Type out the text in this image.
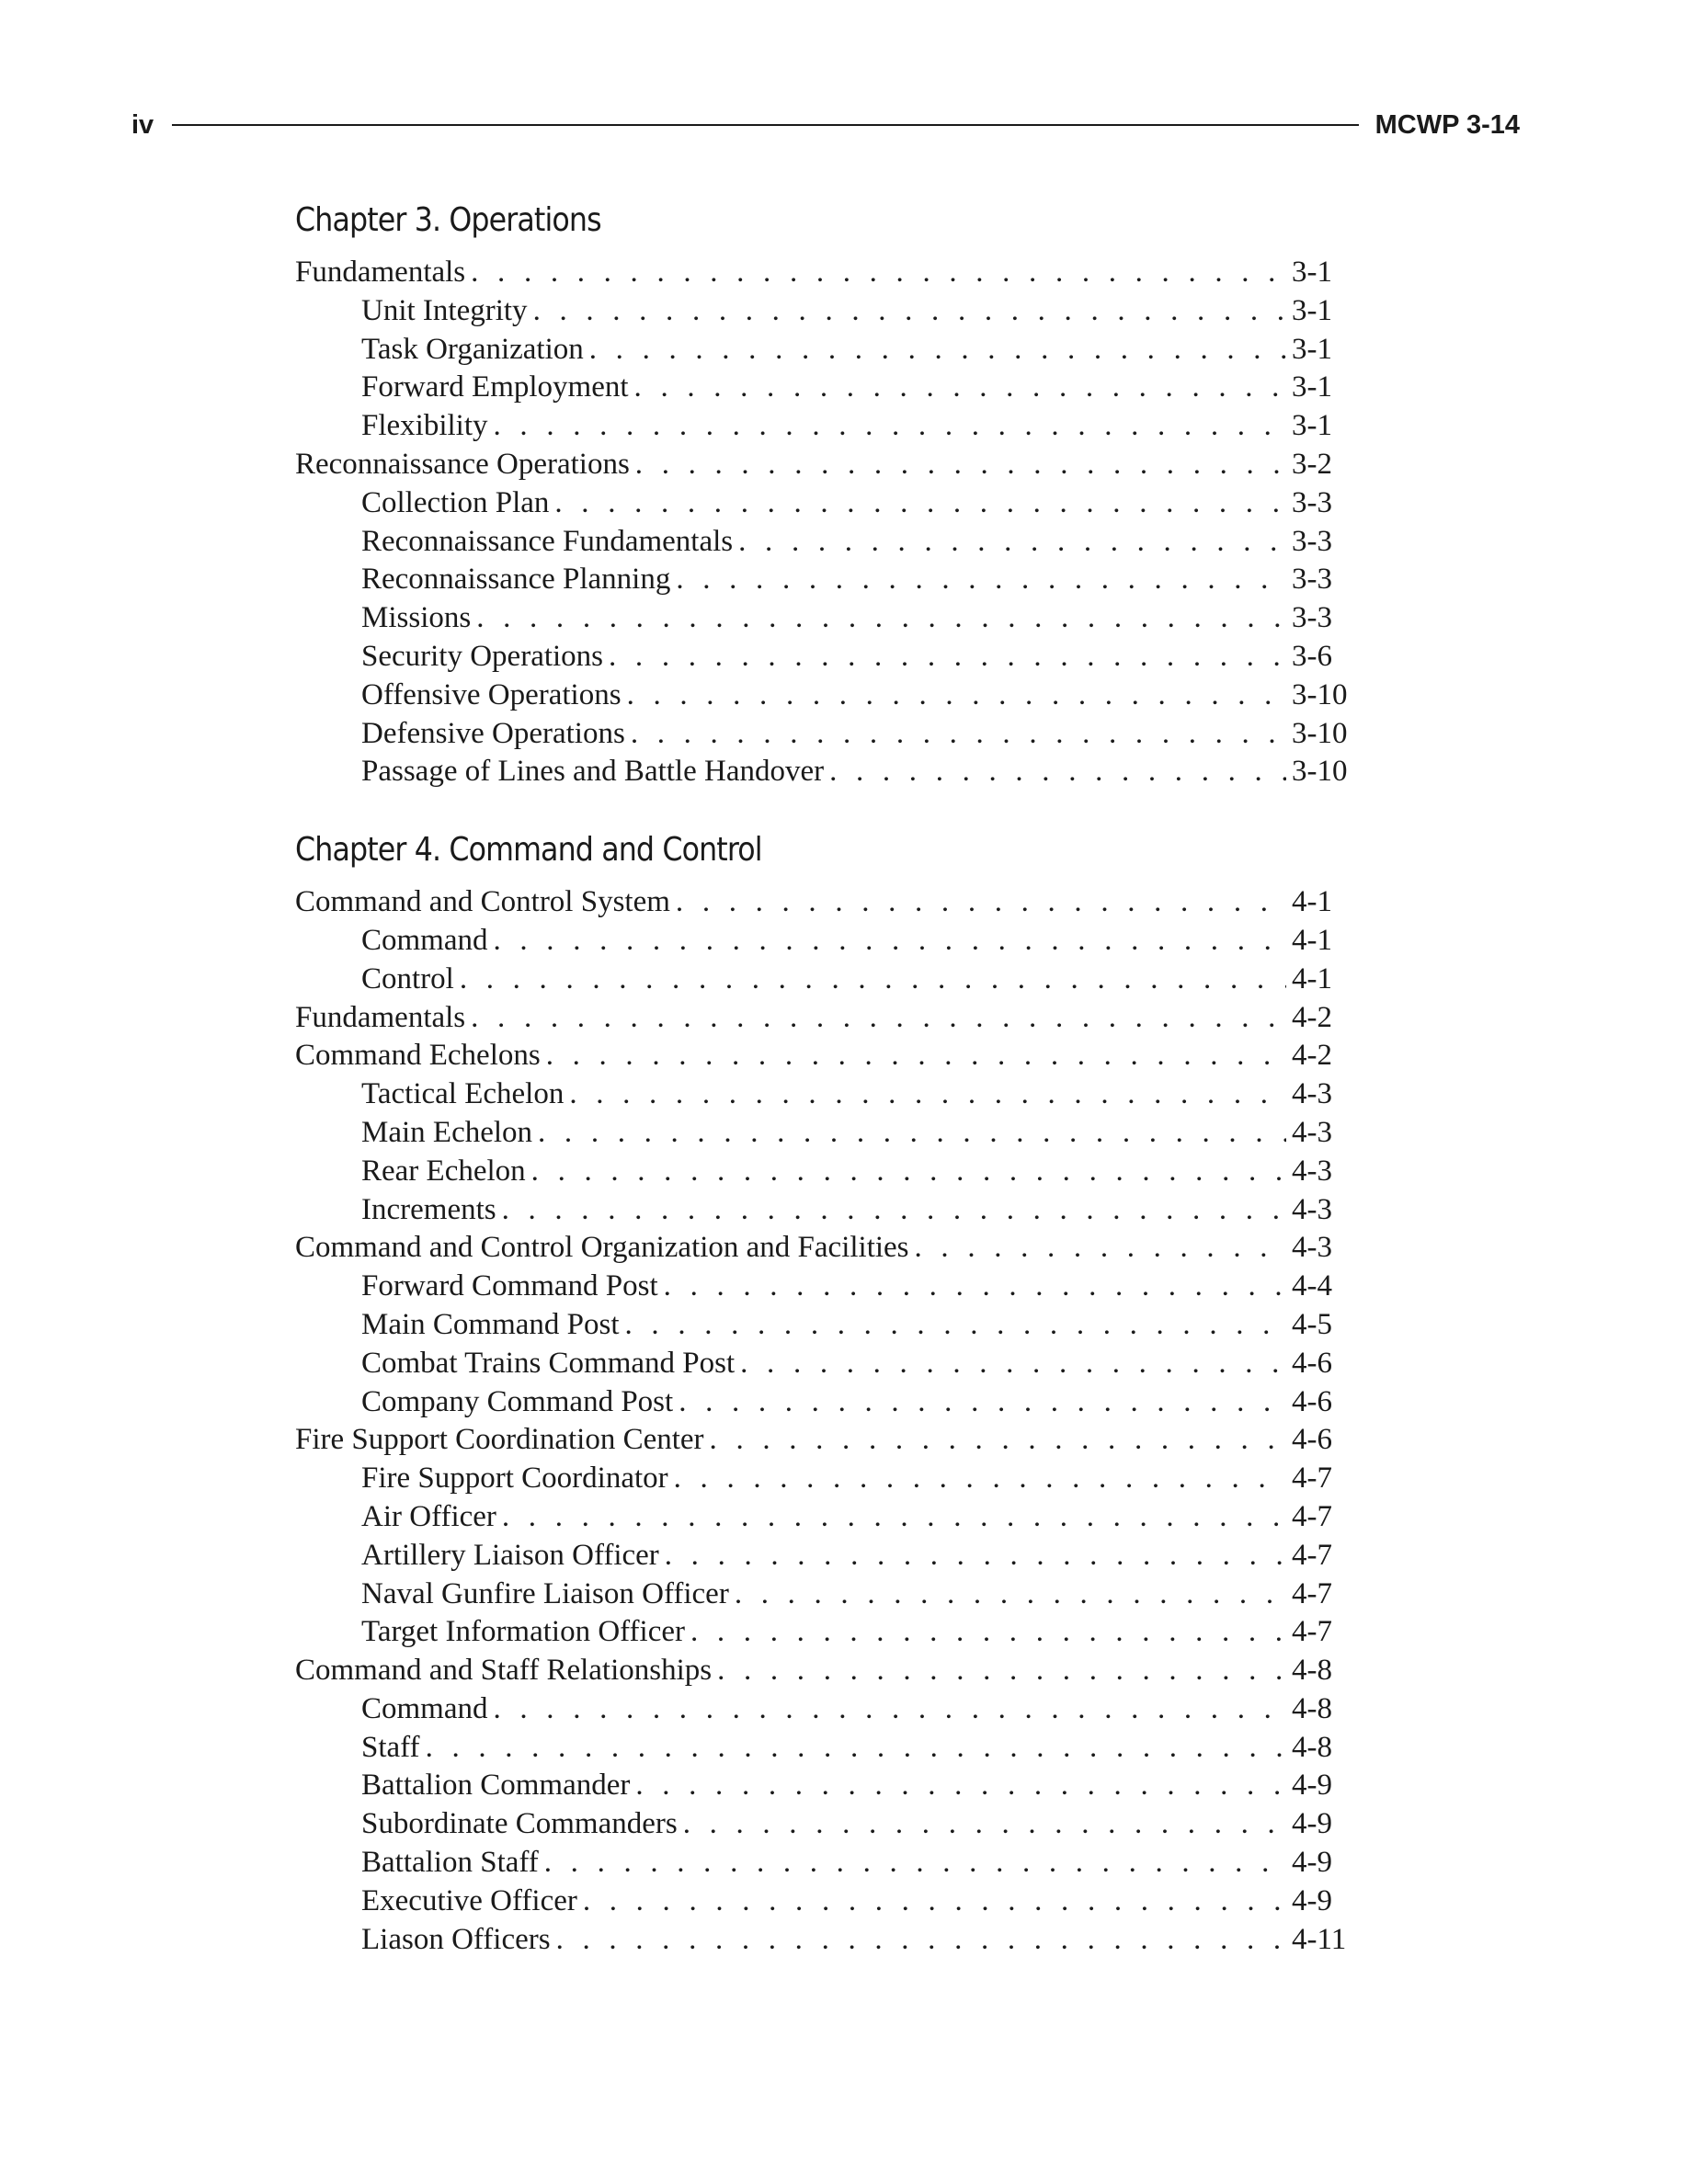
iv	MCWP 3-14
Chapter 3. Operations
Fundamentals . . .	3-1
Unit Integrity . . .	3-1
Task Organization . . .	3-1
Forward Employment . . .	3-1
Flexibility . . .	3-1
Reconnaissance Operations . . .	3-2
Collection Plan . . .	3-3
Reconnaissance Fundamentals . . .	3-3
Reconnaissance Planning . . .	3-3
Missions . . .	3-3
Security Operations . . .	3-6
Offensive Operations . . .	3-10
Defensive Operations . . .	3-10
Passage of Lines and Battle Handover . . .	3-10
Chapter 4. Command and Control
Command and Control System . . .	4-1
Command . . .	4-1
Control . . .	4-1
Fundamentals . . .	4-2
Command Echelons . . .	4-2
Tactical Echelon . . .	4-3
Main Echelon . . .	4-3
Rear Echelon . . .	4-3
Increments . . .	4-3
Command and Control Organization and Facilities . . .	4-3
Forward Command Post . . .	4-4
Main Command Post . . .	4-5
Combat Trains Command Post . . .	4-6
Company Command Post . . .	4-6
Fire Support Coordination Center . . .	4-6
Fire Support Coordinator . . .	4-7
Air Officer . . .	4-7
Artillery Liaison Officer . . .	4-7
Naval Gunfire Liaison Officer . . .	4-7
Target Information Officer . . .	4-7
Command and Staff Relationships . . .	4-8
Command . . .	4-8
Staff . . .	4-8
Battalion Commander . . .	4-9
Subordinate Commanders . . .	4-9
Battalion Staff . . .	4-9
Executive Officer . . .	4-9
Liason Officers . . .	4-11
